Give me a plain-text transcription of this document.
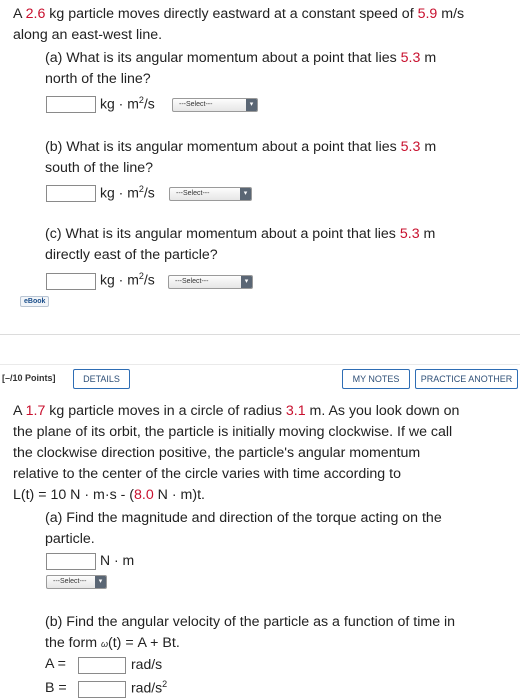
A 2.6 kg particle moves directly eastward at a constant speed of 5.9 m/s
along an east-west line.
(a) What is its angular momentum about a point that lies 5.3 m
north of the line?
kg · $m^2/s$	---Select---	▾
(b) What is its angular momentum about a point that lies 5.3 m
south of the line?
kg · $m^2/s$	---Select---	▾
(c) What is its angular momentum about a point that lies 5.3 m
directly east of the particle?
kg · $m^2/s$	---Select---	▾
eBook
[–/10 Points]	DETAILS	MY NOTES	PRACTICE ANOTHER
A 1.7 kg particle moves in a circle of radius 3.1 m. As you look down on
the plane of its orbit, the particle is initially moving clockwise. If we call
the clockwise direction positive, the particle's angular momentum
relative to the center of the circle varies with time according to
L(t) = 10 N · m·s - (8.0 N · m)t.
(a) Find the magnitude and direction of the torque acting on the
particle.
N · m
---Select---	▾
(b) Find the angular velocity of the particle as a function of time in
the form ω(t) = A + Bt.
A =	rad/s
B =	rad/$s^2$
